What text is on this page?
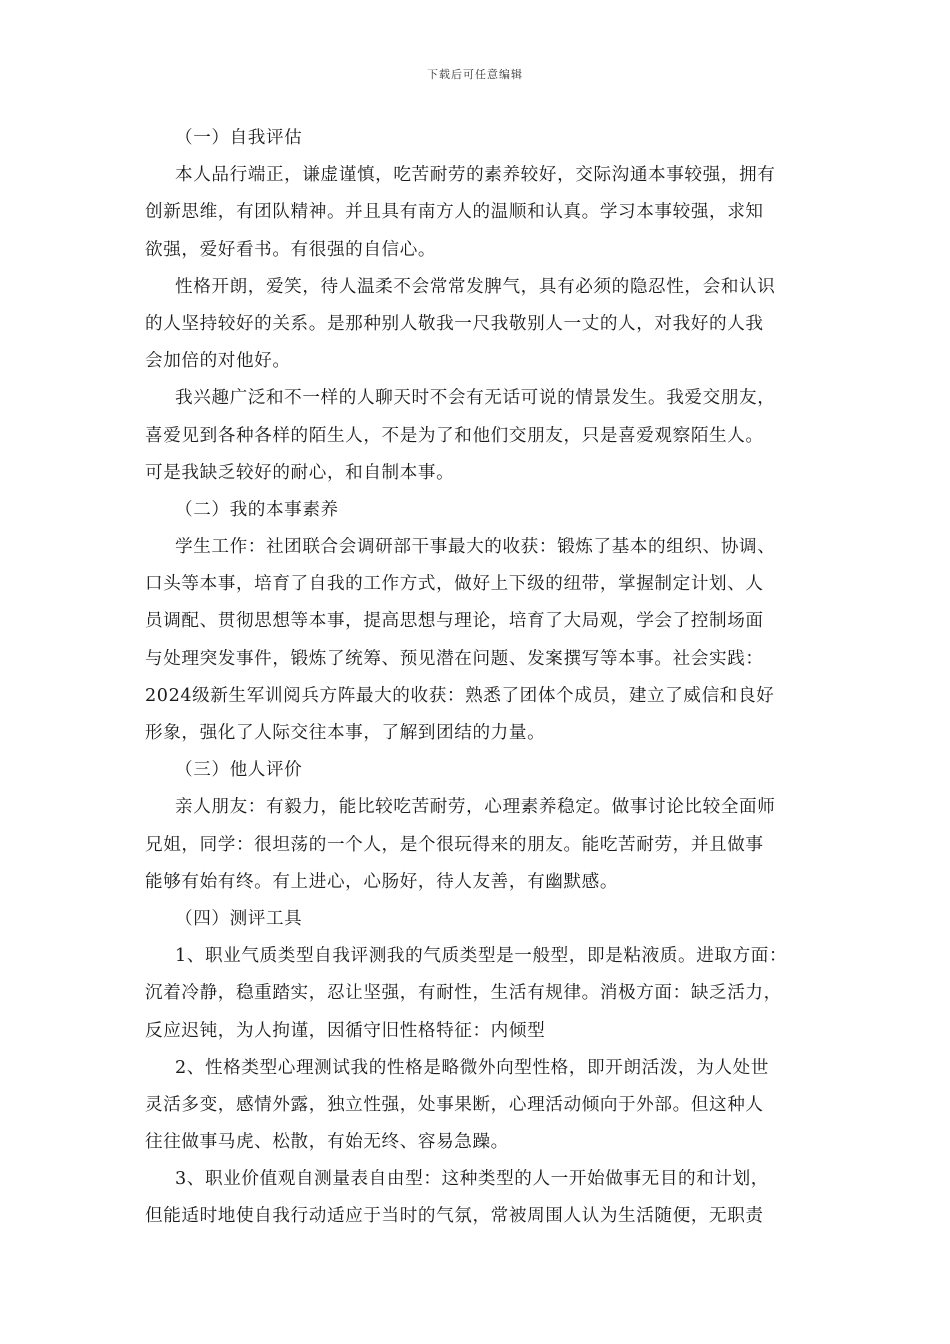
下载后可任意编辑
（一）自我评估
本人品行端正，谦虚谨慎，吃苦耐劳的素养较好，交际沟通本事较强，拥有
创新思维，有团队精神。并且具有南方人的温顺和认真。学习本事较强，求知
欲强，爱好看书。有很强的自信心。
性格开朗，爱笑，待人温柔不会常常发脾气，具有必须的隐忍性，会和认识
的人坚持较好的关系。是那种别人敬我一尺我敬别人一丈的人，对我好的人我
会加倍的对他好。
我兴趣广泛和不一样的人聊天时不会有无话可说的情景发生。我爱交朋友，
喜爱见到各种各样的陌生人，不是为了和他们交朋友，只是喜爱观察陌生人。
可是我缺乏较好的耐心，和自制本事。
（二）我的本事素养
学生工作：社团联合会调研部干事最大的收获：锻炼了基本的组织、协调、
口头等本事，培育了自我的工作方式，做好上下级的纽带，掌握制定计划、人
员调配、贯彻思想等本事，提高思想与理论，培育了大局观，学会了控制场面
与处理突发事件，锻炼了统筹、预见潜在问题、发案撰写等本事。社会实践：
2024级新生军训阅兵方阵最大的收获：熟悉了团体个成员，建立了威信和良好
形象，强化了人际交往本事，了解到团结的力量。
（三）他人评价
亲人朋友：有毅力，能比较吃苦耐劳，心理素养稳定。做事讨论比较全面师
兄姐，同学：很坦荡的一个人，是个很玩得来的朋友。能吃苦耐劳，并且做事
能够有始有终。有上进心，心肠好，待人友善，有幽默感。
（四）测评工具
1、职业气质类型自我评测我的气质类型是一般型，即是粘液质。进取方面：
沉着冷静，稳重踏实，忍让坚强，有耐性，生活有规律。消极方面：缺乏活力，
反应迟钝，为人拘谨，因循守旧性格特征：内倾型
2、性格类型心理测试我的性格是略微外向型性格，即开朗活泼，为人处世
灵活多变，感情外露，独立性强，处事果断，心理活动倾向于外部。但这种人
往往做事马虎、松散，有始无终、容易急躁。
3、职业价值观自测量表自由型：这种类型的人一开始做事无目的和计划，
但能适时地使自我行动适应于当时的气氛，常被周围人认为生活随便，无职责
